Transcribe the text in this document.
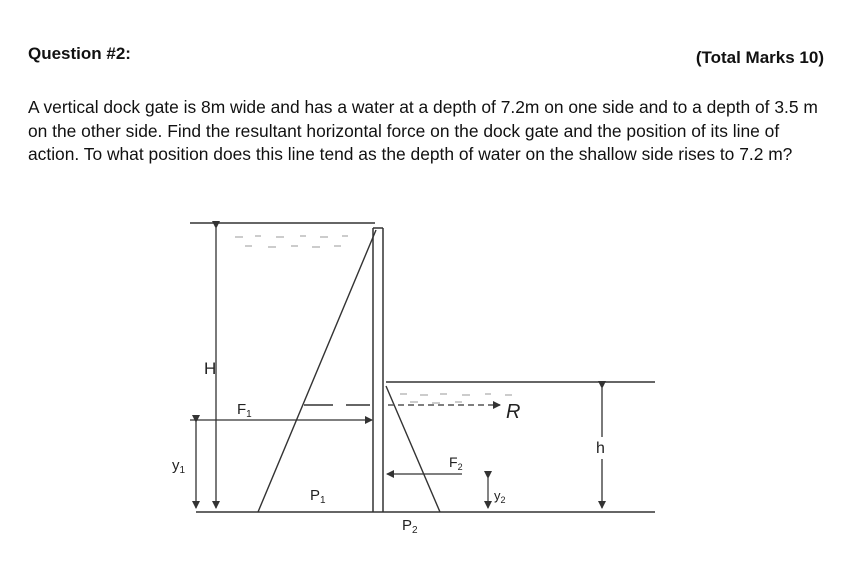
Question #2:	(Total Marks 10)
A vertical dock gate is 8m wide and has a water at a depth of 7.2m on one side and to a depth of 3.5 m on the other side. Find the resultant horizontal force on the dock gate and the position of its line of action. To what position does this line tend as the depth of water on the shallow side rises to 7.2 m?
H
$y_1$
$F_1$	R
$F_2$
$y_2$
h
$P_1$
$P_2$
